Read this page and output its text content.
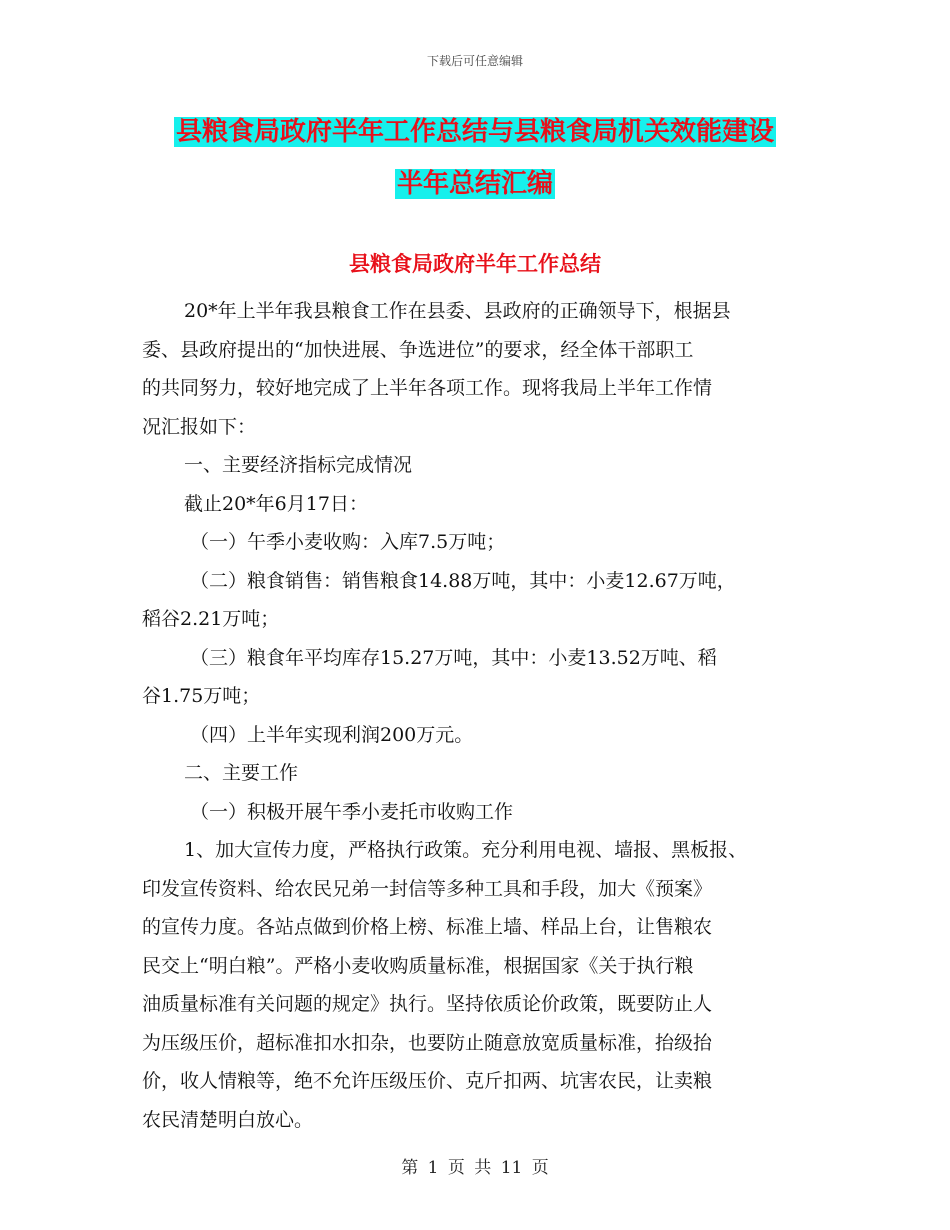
下载后可任意编辑
县粮食局政府半年工作总结与县粮食局机关效能建设
半年总结汇编
县粮食局政府半年工作总结

20*年上半年我县粮食工作在县委、县政府的正确领导下，根据县

委、县政府提出的“加快进展、争选进位”的要求，经全体干部职工

的共同努力，较好地完成了上半年各项工作。现将我局上半年工作情

况汇报如下：

一、主要经济指标完成情况

截止20*年6月17日：

（一）午季小麦收购：入库7.5万吨；

（二）粮食销售：销售粮食14.88万吨，其中：小麦12.67万吨，

稻谷2.21万吨；

（三）粮食年平均库存15.27万吨，其中：小麦13.52万吨、稻

谷1.75万吨；

（四）上半年实现利润200万元。

二、主要工作

（一）积极开展午季小麦托市收购工作

1、加大宣传力度，严格执行政策。充分利用电视、墙报、黑板报、

印发宣传资料、给农民兄弟一封信等多种工具和手段，加大《预案》

的宣传力度。各站点做到价格上榜、标准上墙、样品上台，让售粮农

民交上“明白粮”。严格小麦收购质量标准，根据国家《关于执行粮

油质量标准有关问题的规定》执行。坚持依质论价政策，既要防止人

为压级压价，超标准扣水扣杂，也要防止随意放宽质量标准，抬级抬

价，收人情粮等，绝不允许压级压价、克斤扣两、坑害农民，让卖粮

农民清楚明白放心。

第 1 页 共 11 页
